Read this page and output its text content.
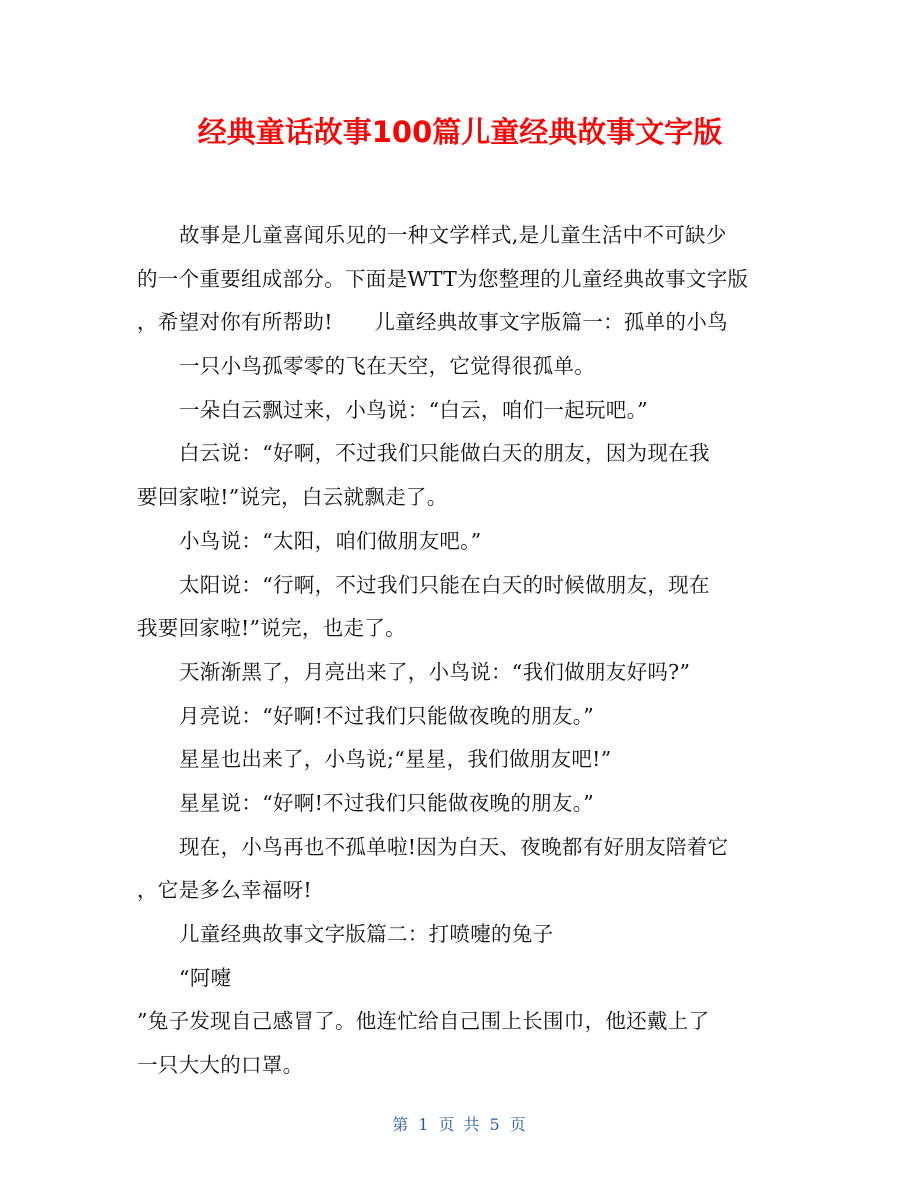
经典童话故事100篇儿童经典故事文字版
故事是儿童喜闻乐见的一种文学样式,是儿童生活中不可缺少
的一个重要组成部分。下面是WTT为您整理的儿童经典故事文字版
，希望对你有所帮助!　　儿童经典故事文字版篇一：孤单的小鸟
一只小鸟孤零零的飞在天空，它觉得很孤单。
一朵白云飘过来，小鸟说：“白云，咱们一起玩吧。”
白云说：“好啊，不过我们只能做白天的朋友，因为现在我
要回家啦!”说完，白云就飘走了。
小鸟说：“太阳，咱们做朋友吧。”
太阳说：“行啊，不过我们只能在白天的时候做朋友，现在
我要回家啦!”说完，也走了。
天渐渐黑了，月亮出来了，小鸟说：“我们做朋友好吗?”
月亮说：“好啊!不过我们只能做夜晚的朋友。”
星星也出来了，小鸟说;“星星，我们做朋友吧!”
星星说：“好啊!不过我们只能做夜晚的朋友。”
现在，小鸟再也不孤单啦!因为白天、夜晚都有好朋友陪着它
，它是多么幸福呀!
儿童经典故事文字版篇二：打喷嚏的兔子
“阿嚏
”兔子发现自己感冒了。他连忙给自己围上长围巾，他还戴上了
一只大大的口罩。
第 1 页 共 5 页
